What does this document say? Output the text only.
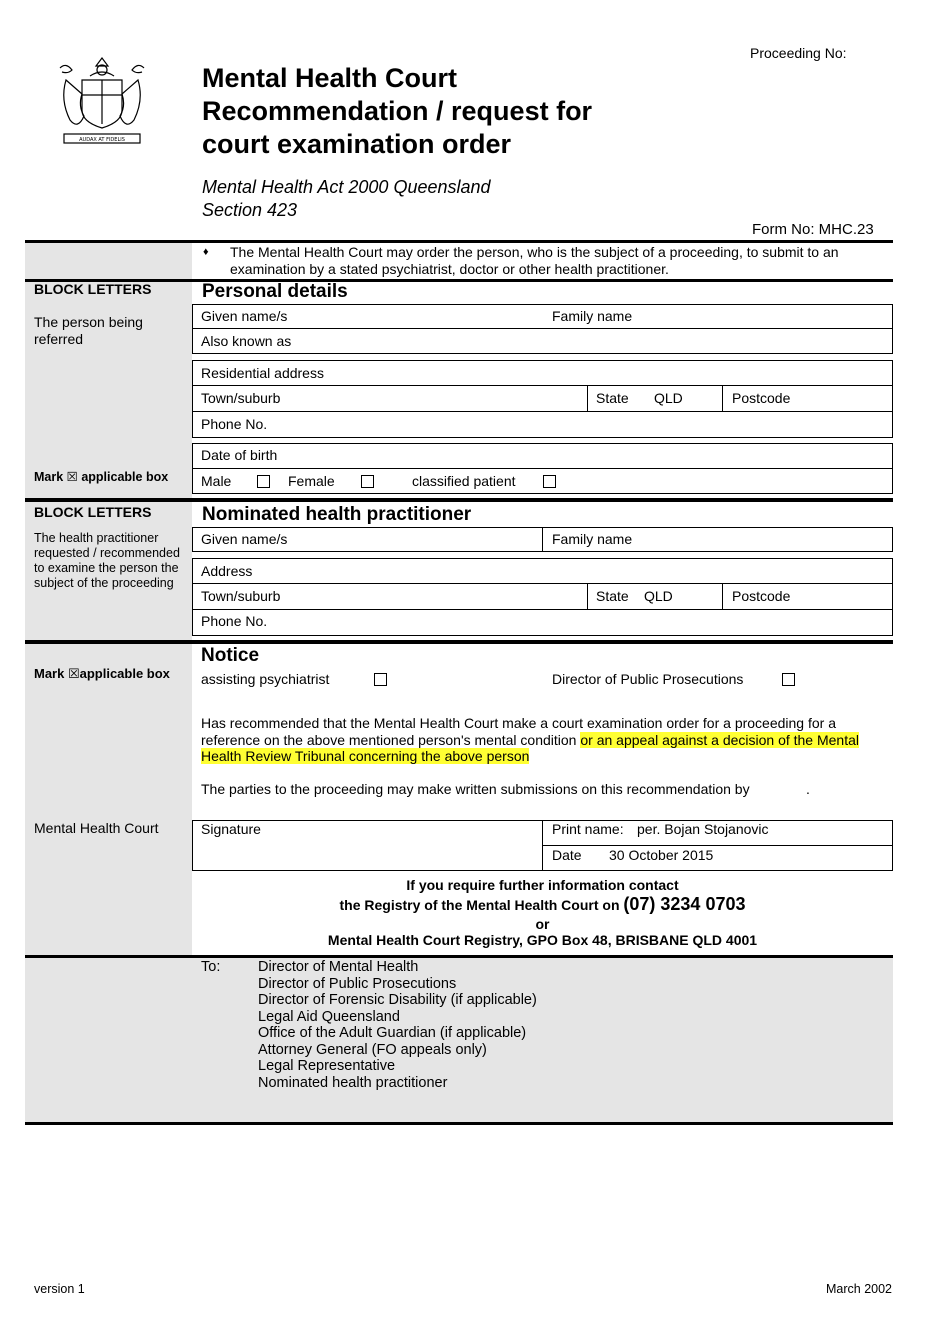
AUDAX AT FIDELIS
Proceeding No:
Mental Health Court
Recommendation / request for
court examination order
Mental Health Act 2000 Queensland
Section 423
Form No: MHC.23
♦ The Mental Health Court may order the person, who is the subject of a proceeding, to submit to an examination by a stated psychiatrist, doctor or other health practitioner.
BLOCK LETTERS
The person being referred
Mark ☒ applicable box
Personal details
Given name/s	Family name
Also known as
Residential address
Town/suburb	State QLD	Postcode
Phone No.
Date of birth
Male	Female	classified patient
BLOCK LETTERS
The health practitioner requested / recommended to examine the person the subject of the proceeding
Nominated health practitioner
Given name/s	Family name
Address
Town/suburb	State QLD	Postcode
Phone No.
Mark ☒applicable box
Mental Health Court
Notice
assisting psychiatrist	Director of Public Prosecutions
Has recommended that the Mental Health Court make a court examination order for a proceeding for a reference on the above mentioned person's mental condition or an appeal against a decision of the Mental Health Review Tribunal concerning the above person
The parties to the proceeding may make written submissions on this recommendation by	.
Signature	Print name: per. Bojan Stojanovic
Date 30 October 2015
If you require further information contact
the Registry of the Mental Health Court on (07) 3234 0703
or
Mental Health Court Registry, GPO Box 48, BRISBANE QLD 4001
To:	Director of Mental Health
Director of Public Prosecutions
Director of Forensic Disability (if applicable)
Legal Aid Queensland
Office of the Adult Guardian (if applicable)
Attorney General (FO appeals only)
Legal Representative
Nominated health practitioner
version 1	March 2002
